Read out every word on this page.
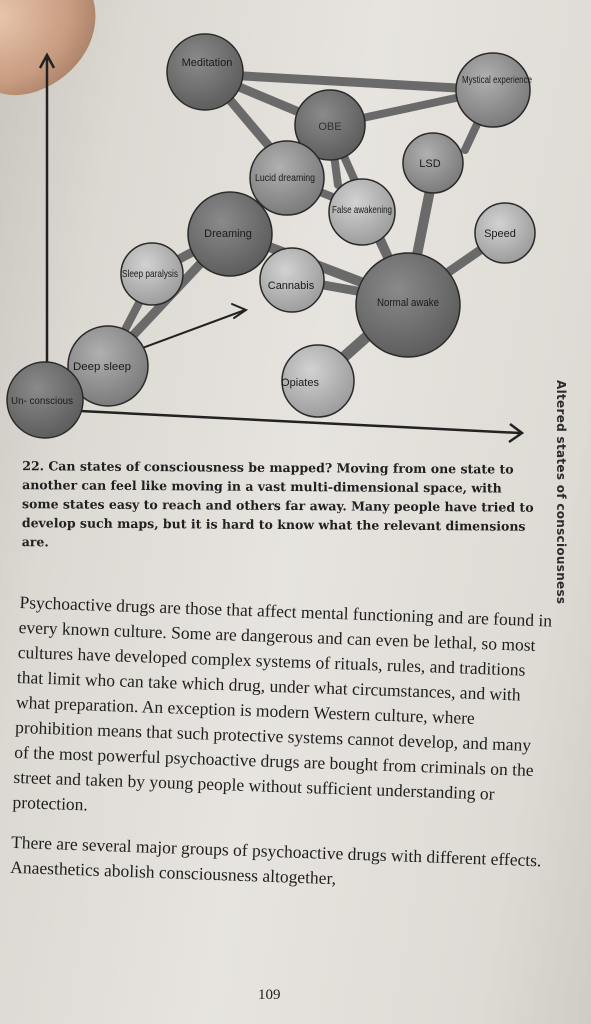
Meditation
Mystical experience
OBE
LSD
Lucid dreaming
False awakening
Speed
Dreaming
Sleep paralysis
Cannabis
Normal awake
Deep sleep
Opiates
Un- conscious	Altered states of consciousness
22. Can states of consciousness be mapped? Moving from one state to another can feel like moving in a vast multi-dimensional space, with some states easy to reach and others far away. Many people have tried to develop such maps, but it is hard to know what the relevant dimensions are.

Psychoactive drugs are those that affect mental functioning and are found in every known culture. Some are dangerous and can even be lethal, so most cultures have developed complex systems of rituals, rules, and traditions that limit who can take which drug, under what circumstances, and with what preparation. An exception is modern Western culture, where prohibition means that such protective systems cannot develop, and many of the most powerful psychoactive drugs are bought from criminals on the street and taken by young people without sufficient understanding or protection.

There are several major groups of psychoactive drugs with different effects. Anaesthetics abolish consciousness altogether,

109
